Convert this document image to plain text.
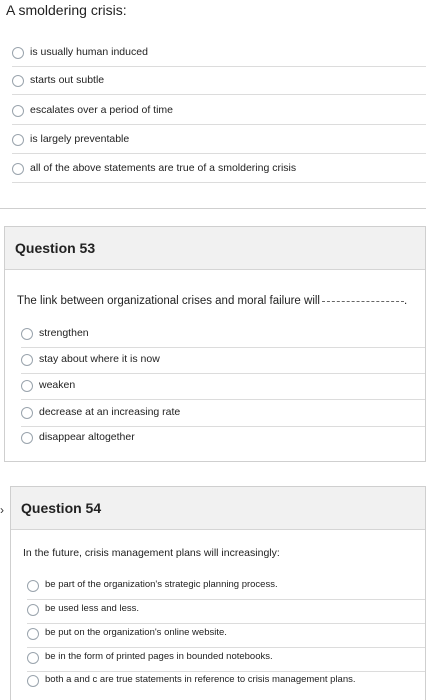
A smoldering crisis:
is usually human induced
starts out subtle
escalates over a period of time
is largely preventable
all of the above statements are true of a smoldering crisis
Question 53
The link between organizational crises and moral failure will	.
strengthen
stay about where it is now
weaken
decrease at an increasing rate
disappear altogether
› Question 54
In the future, crisis management plans will increasingly:
be part of the organization's strategic planning process.
be used less and less.
be put on the organization's online website.
be in the form of printed pages in bounded notebooks.
both a and c are true statements in reference to crisis management plans.
